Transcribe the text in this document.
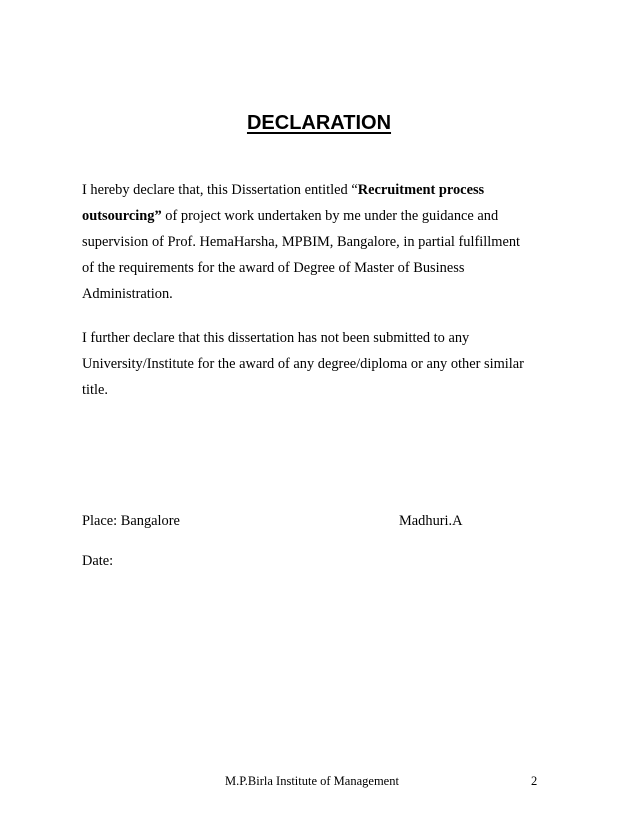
DECLARATION
I hereby declare that, this Dissertation entitled “Recruitment process
outsourcing” of project work undertaken by me under the guidance and
supervision of Prof. HemaHarsha, MPBIM, Bangalore, in partial fulfillment
of the requirements for the award of Degree of Master of Business
Administration.
I further declare that this dissertation has not been submitted to any
University/Institute for the award of any degree/diploma or any other similar
title.
Place: Bangalore	Madhuri.A
Date:
M.P.Birla Institute of Management	2
